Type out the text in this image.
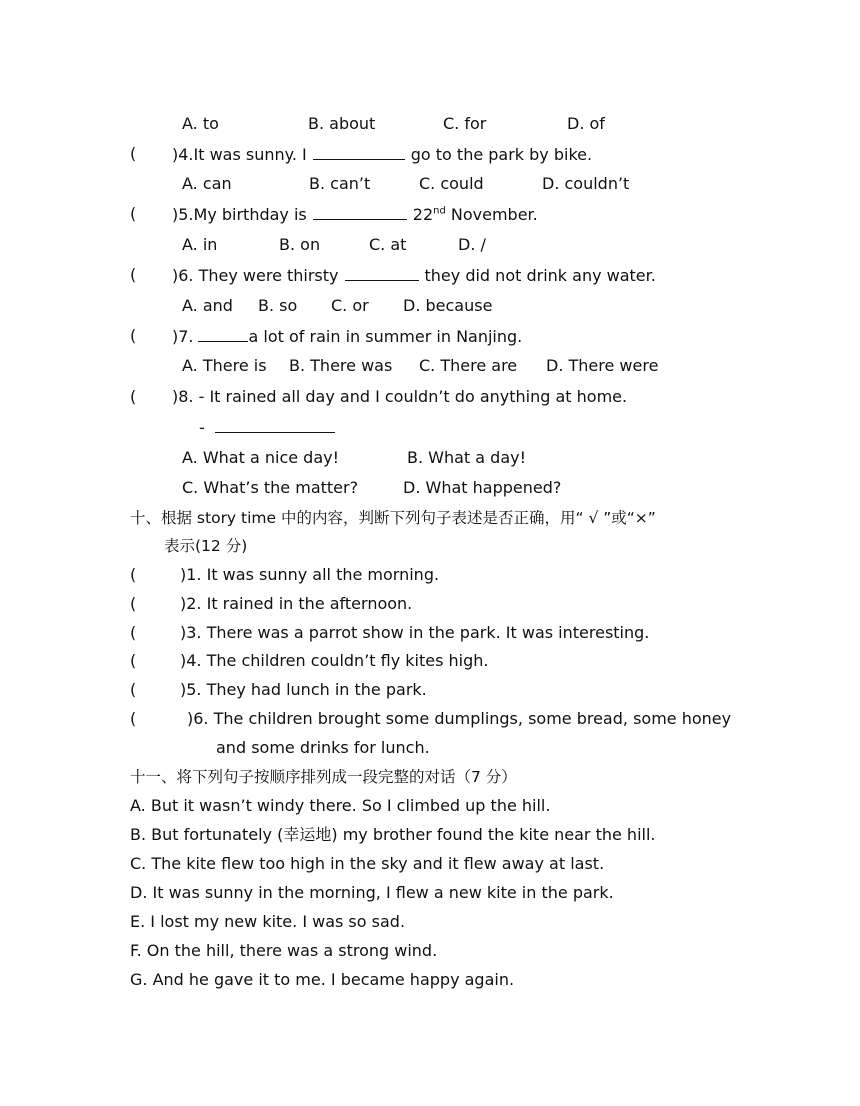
A. to	B. about	C. for	D. of
( )4.It was sunny. I	go to the park by bike.
A. can	B. can’t	C. could	D. couldn’t
( )5.My birthday is	22nd November.
A. in	B. on	C. at	D. /
( )6. They were thirsty	they did not drink any water.
A. and B. so C. or D. because
( )7.	a lot of rain in summer in Nanjing.
A. There is B. There was C. There are D. There were
( )8. - It rained all day and I couldn’t do anything at home.
-
A. What a nice day!	B. What a day!
C. What’s the matter?	D. What happened?
十、根据 story time 中的内容，判断下列句子表述是否正确，用“ √ ”或“×”
表示(12 分)
(	)1. It was sunny all the morning.
(	)2. It rained in the afternoon.
(	)3. There was a parrot show in the park. It was interesting.
(	)4. The children couldn’t fly kites high.
(	)5. They had lunch in the park.
(	)6. The children brought some dumplings, some bread, some honey
and some drinks for lunch.
十一、将下列句子按顺序排列成一段完整的对话（7 分）
A. But it wasn’t windy there. So I climbed up the hill.
B. But fortunately (幸运地) my brother found the kite near the hill.
C. The kite flew too high in the sky and it flew away at last.
D. It was sunny in the morning, I flew a new kite in the park.
E. I lost my new kite. I was so sad.
F. On the hill, there was a strong wind.
G. And he gave it to me. I became happy again.
